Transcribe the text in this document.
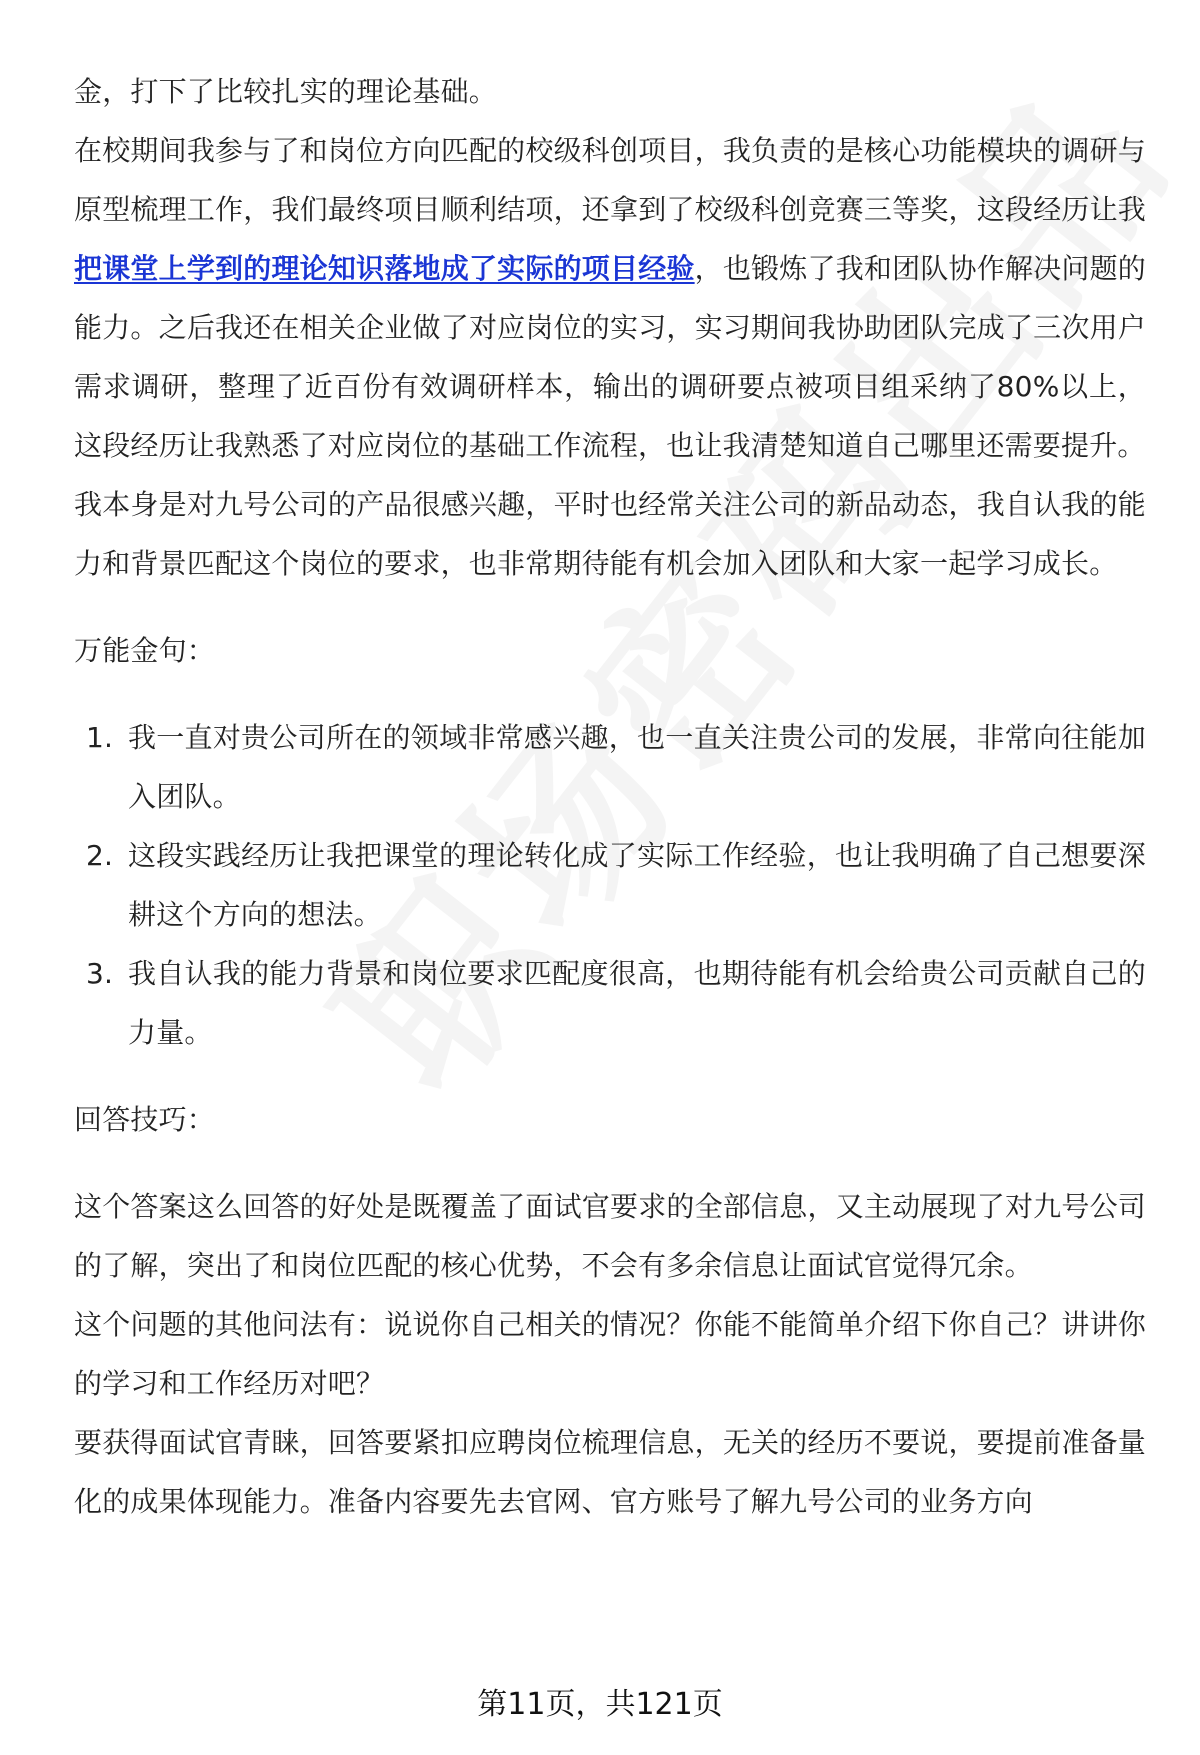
金，打下了比较扎实的理论基础。

在校期间我参与了和岗位方向匹配的校级科创项目，我负责的是核心功能模块的调研与原型梳理工作，我们最终项目顺利结项，还拿到了校级科创竞赛三等奖，这段经历让我把课堂上学到的理论知识落地成了实际的项目经验，也锻炼了我和团队协作解决问题的能力。之后我还在相关企业做了对应岗位的实习，实习期间我协助团队完成了三次用户需求调研，整理了近百份有效调研样本，输出的调研要点被项目组采纳了80%以上，这段经历让我熟悉了对应岗位的基础工作流程，也让我清楚知道自己哪里还需要提升。

我本身是对九号公司的产品很感兴趣，平时也经常关注公司的新品动态，我自认我的能力和背景匹配这个岗位的要求，也非常期待能有机会加入团队和大家一起学习成长。

万能金句：

1. 我一直对贵公司所在的领域非常感兴趣，也一直关注贵公司的发展，非常向往能加入团队。
2. 这段实践经历让我把课堂的理论转化成了实际工作经验，也让我明确了自己想要深耕这个方向的想法。
3. 我自认我的能力背景和岗位要求匹配度很高，也期待能有机会给贵公司贡献自己的力量。

回答技巧：

这个答案这么回答的好处是既覆盖了面试官要求的全部信息，又主动展现了对九号公司的了解，突出了和岗位匹配的核心优势，不会有多余信息让面试官觉得冗余。

这个问题的其他问法有：说说你自己相关的情况？你能不能简单介绍下你自己？讲讲你的学习和工作经历对吧？

要获得面试官青睐，回答要紧扣应聘岗位梳理信息，无关的经历不要说，要提前准备量化的成果体现能力。准备内容要先去官网、官方账号了解九号公司的业务方向

第11页，共121页
